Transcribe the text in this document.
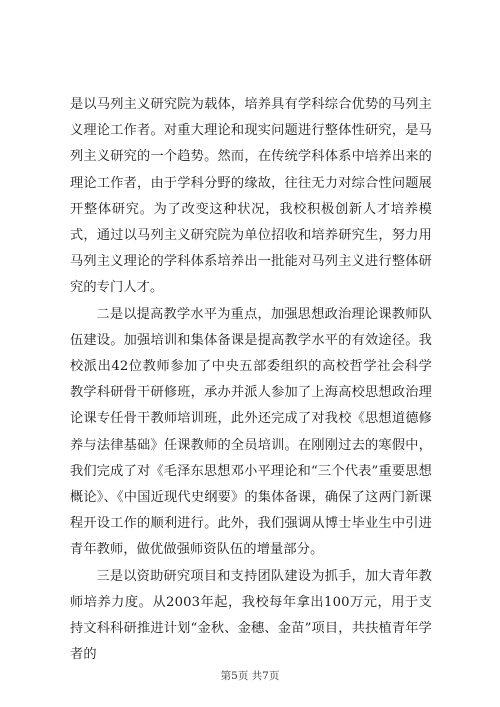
是以马列主义研究院为载体，培养具有学科综合优势的马列主义理论工作者。对重大理论和现实问题进行整体性研究，是马列主义研究的一个趋势。然而，在传统学科体系中培养出来的理论工作者，由于学科分野的缘故，往往无力对综合性问题展开整体研究。为了改变这种状况，我校积极创新人才培养模式，通过以马列主义研究院为单位招收和培养研究生，努力用马列主义理论的学科体系培养出一批能对马列主义进行整体研究的专门人才。

二是以提高教学水平为重点，加强思想政治理论课教师队伍建设。加强培训和集体备课是提高教学水平的有效途径。我校派出42位教师参加了中央五部委组织的高校哲学社会科学教学科研骨干研修班，承办并派人参加了上海高校思想政治理论课专任骨干教师培训班，此外还完成了对我校《思想道德修养与法律基础》任课教师的全员培训。在刚刚过去的寒假中，我们完成了对《毛泽东思想邓小平理论和“三个代表”重要思想概论》、《中国近现代史纲要》的集体备课，确保了这两门新课程开设工作的顺利进行。此外，我们强调从博士毕业生中引进青年教师，做优做强师资队伍的增量部分。

三是以资助研究项目和支持团队建设为抓手，加大青年教师培养力度。从2003年起，我校每年拿出100万元，用于支持文科科研推进计划“金秋、金穗、金苗”项目，共扶植青年学者的

第5页 共7页
